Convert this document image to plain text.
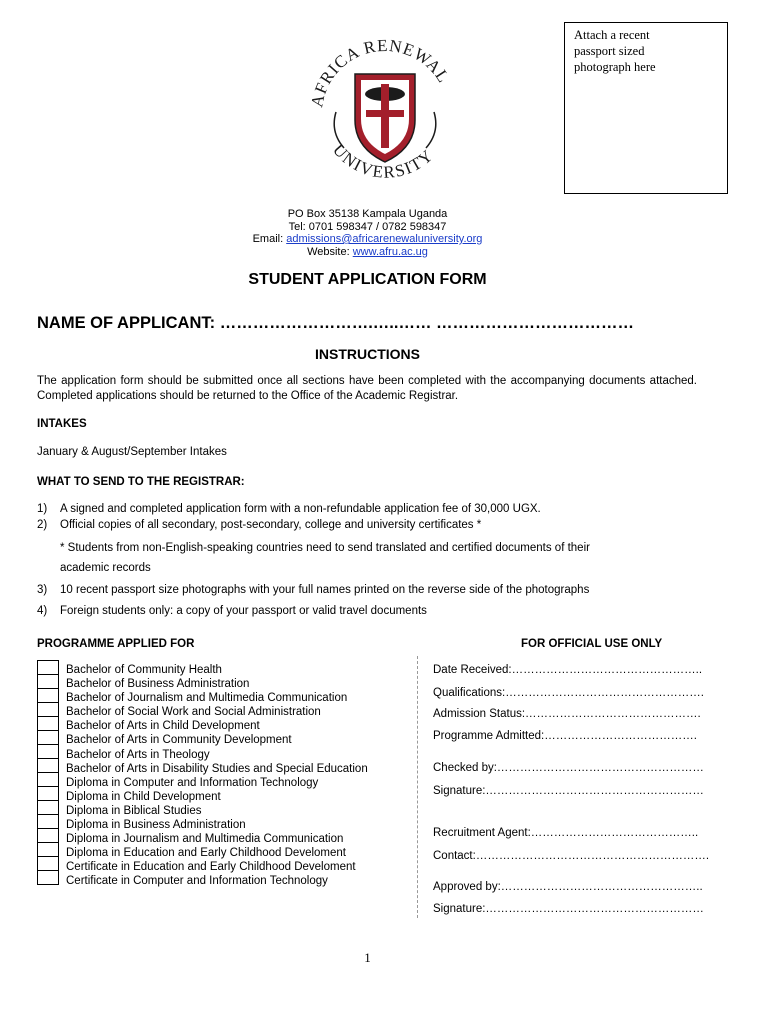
Attach a recent
passport sized
photograph here
AFRICA RENEWAL
UNIVERSITY
PO Box 35138 Kampala Uganda
Tel: 0701 598347 / 0782 598347
Email: admissions@africarenewaluniversity.org
Website: www.afru.ac.ug
STUDENT APPLICATION FORM
NAME OF APPLICANT: ……………………….…..…… ………………………………
INSTRUCTIONS
The application form should be submitted once all sections have been completed with the accompanying documents attached. Completed applications should be returned to the Office of the Academic Registrar.
INTAKES
January & August/September Intakes
WHAT TO SEND TO THE REGISTRAR:
1) A signed and completed application form with a non-refundable application fee of 30,000 UGX.
2) Official copies of all secondary, post-secondary, college and university certificates *
* Students from non-English-speaking countries need to send translated and certified documents of their
academic records
3) 10 recent passport size photographs with your full names printed on the reverse side of the photographs
4) Foreign students only: a copy of your passport or valid travel documents
PROGRAMME APPLIED FOR	FOR OFFICIAL USE ONLY
Bachelor of Community Health
Bachelor of Business Administration
Bachelor of Journalism and Multimedia Communication
Bachelor of Social Work and Social Administration
Bachelor of Arts in Child Development
Bachelor of Arts in Community Development
Bachelor of Arts in Theology
Bachelor of Arts in Disability Studies and Special Education
Diploma in Computer and Information Technology
Diploma in Child Development
Diploma in Biblical Studies
Diploma in Business Administration
Diploma in Journalism and Multimedia Communication
Diploma in Education and Early Childhood Develoment
Certificate in Education and Early Childhood Develoment
Certificate in Computer and Information Technology
Date Received:…………………………………………..
Qualifications:…………………………………………….
Admission Status:……………………………………….
Programme Admitted:………………………………….
Checked by:………………………………………………
Signature:…………………………………………………
Recruitment Agent:……………………………………..
Contact:…………………………………………………….
Approved by:……………………………………………..
Signature:…………………………………………………
1
